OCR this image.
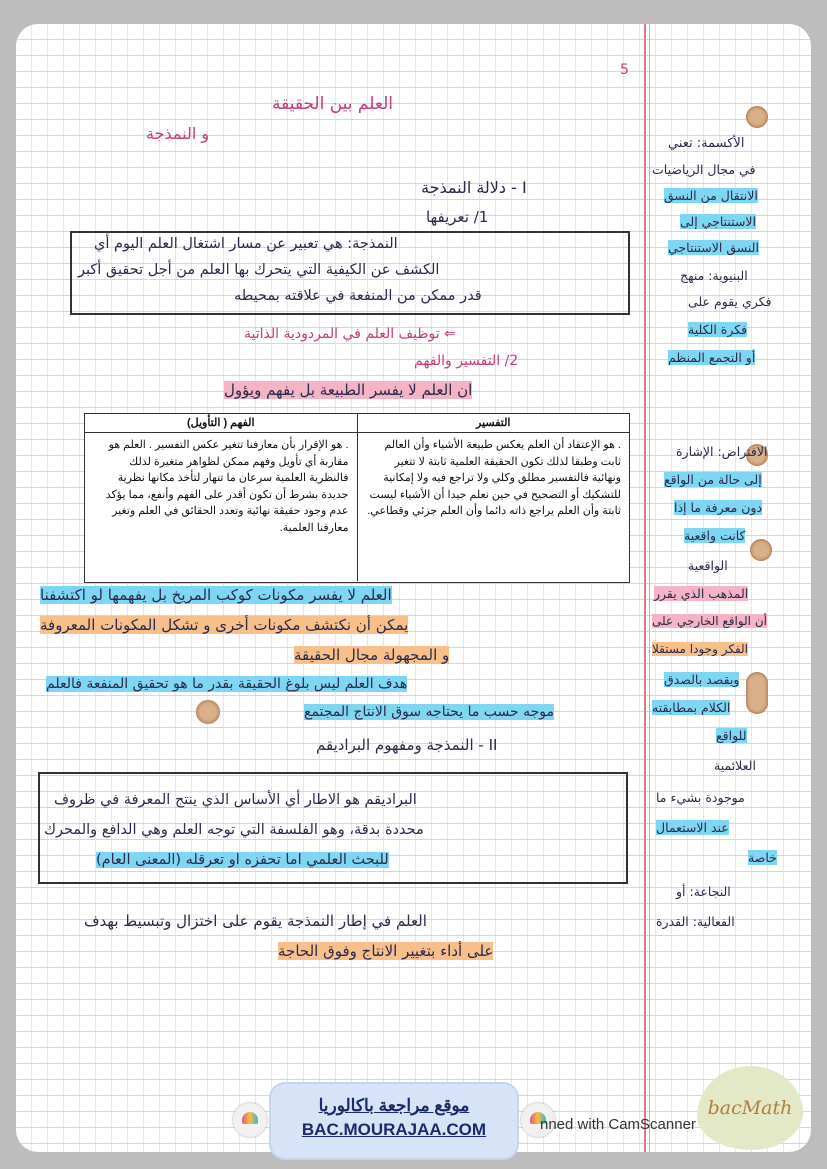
5
العلم بين الحقيقة
و النمذجة
I - دلالة النمذجة
1/ تعريفها
النمذجة: هي تعبير عن مسار اشتغال العلم اليوم أي
الكشف عن الكيفية التي يتحرك بها العلم من أجل تحقيق أكبر
قدر ممكن من المنفعة في علاقته بمحيطه
⇐ توظيف العلم في المردودية الذاتية
2/ التفسير والفهم
ان العلم لا يفسر الطبيعة بل يفهم ويؤول
التفسير
الفهم ( التأويل)
. هو الإعتقاد أن العلم يعكس طبيعة الأشياء وأن العالم ثابت وطبقا لذلك تكون الحقيقة العلمية ثابتة لا تتغير ونهائية فالتفسير مطلق وكلي ولا تراجع فيه ولا إمكانية للتشكيك أو التصحيح في حين نعلم جيدا أن الأشياء ليست ثابتة وأن العلم يراجع ذاته دائما وأن العلم جزئي وقطاعي.
. هو الإقرار بأن معارفنا تتغير عكس التفسير . العلم هو مقاربة أي تأويل وفهم ممكن لظواهر متغيرة لذلك فالنظرية العلمية سرعان ما تنهار لتأخذ مكانها نظرية جديدة بشرط أن تكون أقدر على الفهم وأنفع، مما يؤكد عدم وجود حقيقة نهائية وتعدد الحقائق في العلم وتغير معارفنا العلمية.
العلم لا يفسر مكونات كوكب المريخ بل يفهمها لو اكتشفنا
يمكن أن نكتشف مكونات أخرى و تشكل المكونات المعروفة
و المجهولة مجال الحقيقة
هدف العلم ليس بلوغ الحقيقة بقدر ما هو تحقيق المنفعة فالعلم
موجه حسب ما يحتاجه سوق الانتاج المجتمع
II - النمذجة ومفهوم البراديقم
البراديقم هو الاطار أي الأساس الذي ينتج المعرفة في ظروف
محددة بدقة، وهو الفلسفة التي توجه العلم وهي الدافع والمحرك
للبحث العلمي اما تحفزه او تعرقله (المعنى العام)
العلم في إطار النمذجة يقوم على اختزال وتبسيط بهدف
على أداء بتغيير الانتاج وفوق الحاجة
الأكسمة: تعني
في مجال الرياضيات
الانتقال من النسق
الاستنتاجي إلى
النسق الاستنتاجي
البنيوية: منهج
فكري يقوم على
فكرة الكلية
أو التجمع المنظم
الافتراض: الإشارة
إلى حالة من الواقع
دون معرفة ما إذا
كانت واقعية
الواقعية
المذهب الذي يقرر
أن الواقع الخارجي على
الفكر وجودا مستقلا
ويقصد بالصدق
الكلام بمطابقته
للواقع
العلائمية
موجودة بشيء ما
عند الاستعمال
خاصة
النجاعة: أو
الفعالية: القدرة
موقع مراجعة باكالوريا
BAC.MOURAJAA.COM	nned with CamScanner
bacMath
